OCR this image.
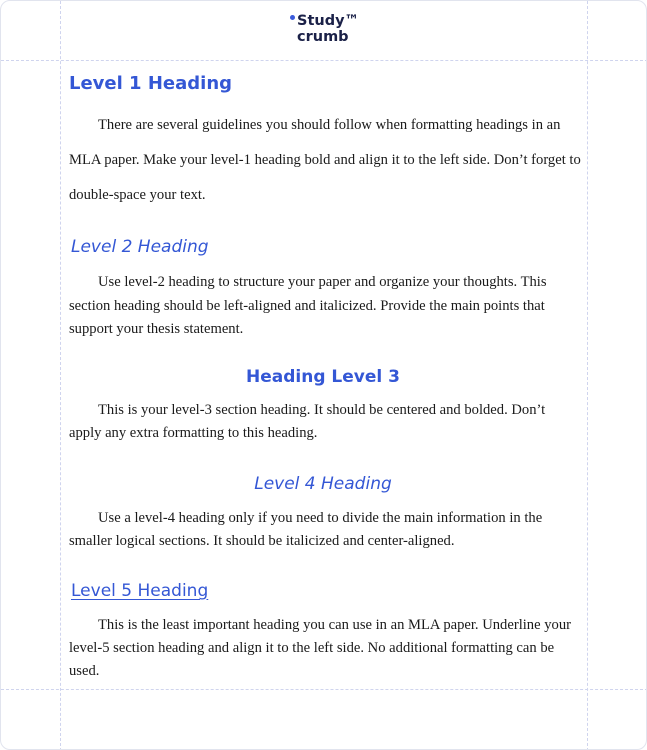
Study™
crumb
Level 1 Heading

There are several guidelines you should follow when formatting headings in an MLA paper. Make your level-1 heading bold and align it to the left side. Don’t forget to double-space your text.

Level 2 Heading

Use level-2 heading to structure your paper and organize your thoughts. This section heading should be left-aligned and italicized. Provide the main points that support your thesis statement.

Heading Level 3

This is your level-3 section heading. It should be centered and bolded. Don’t apply any extra formatting to this heading.

Level 4 Heading

Use a level-4 heading only if you need to divide the main information in the smaller logical sections. It should be italicized and center-aligned.

Level 5 Heading

This is the least important heading you can use in an MLA paper. Underline your level-5 section heading and align it to the left side. No additional formatting can be used.
